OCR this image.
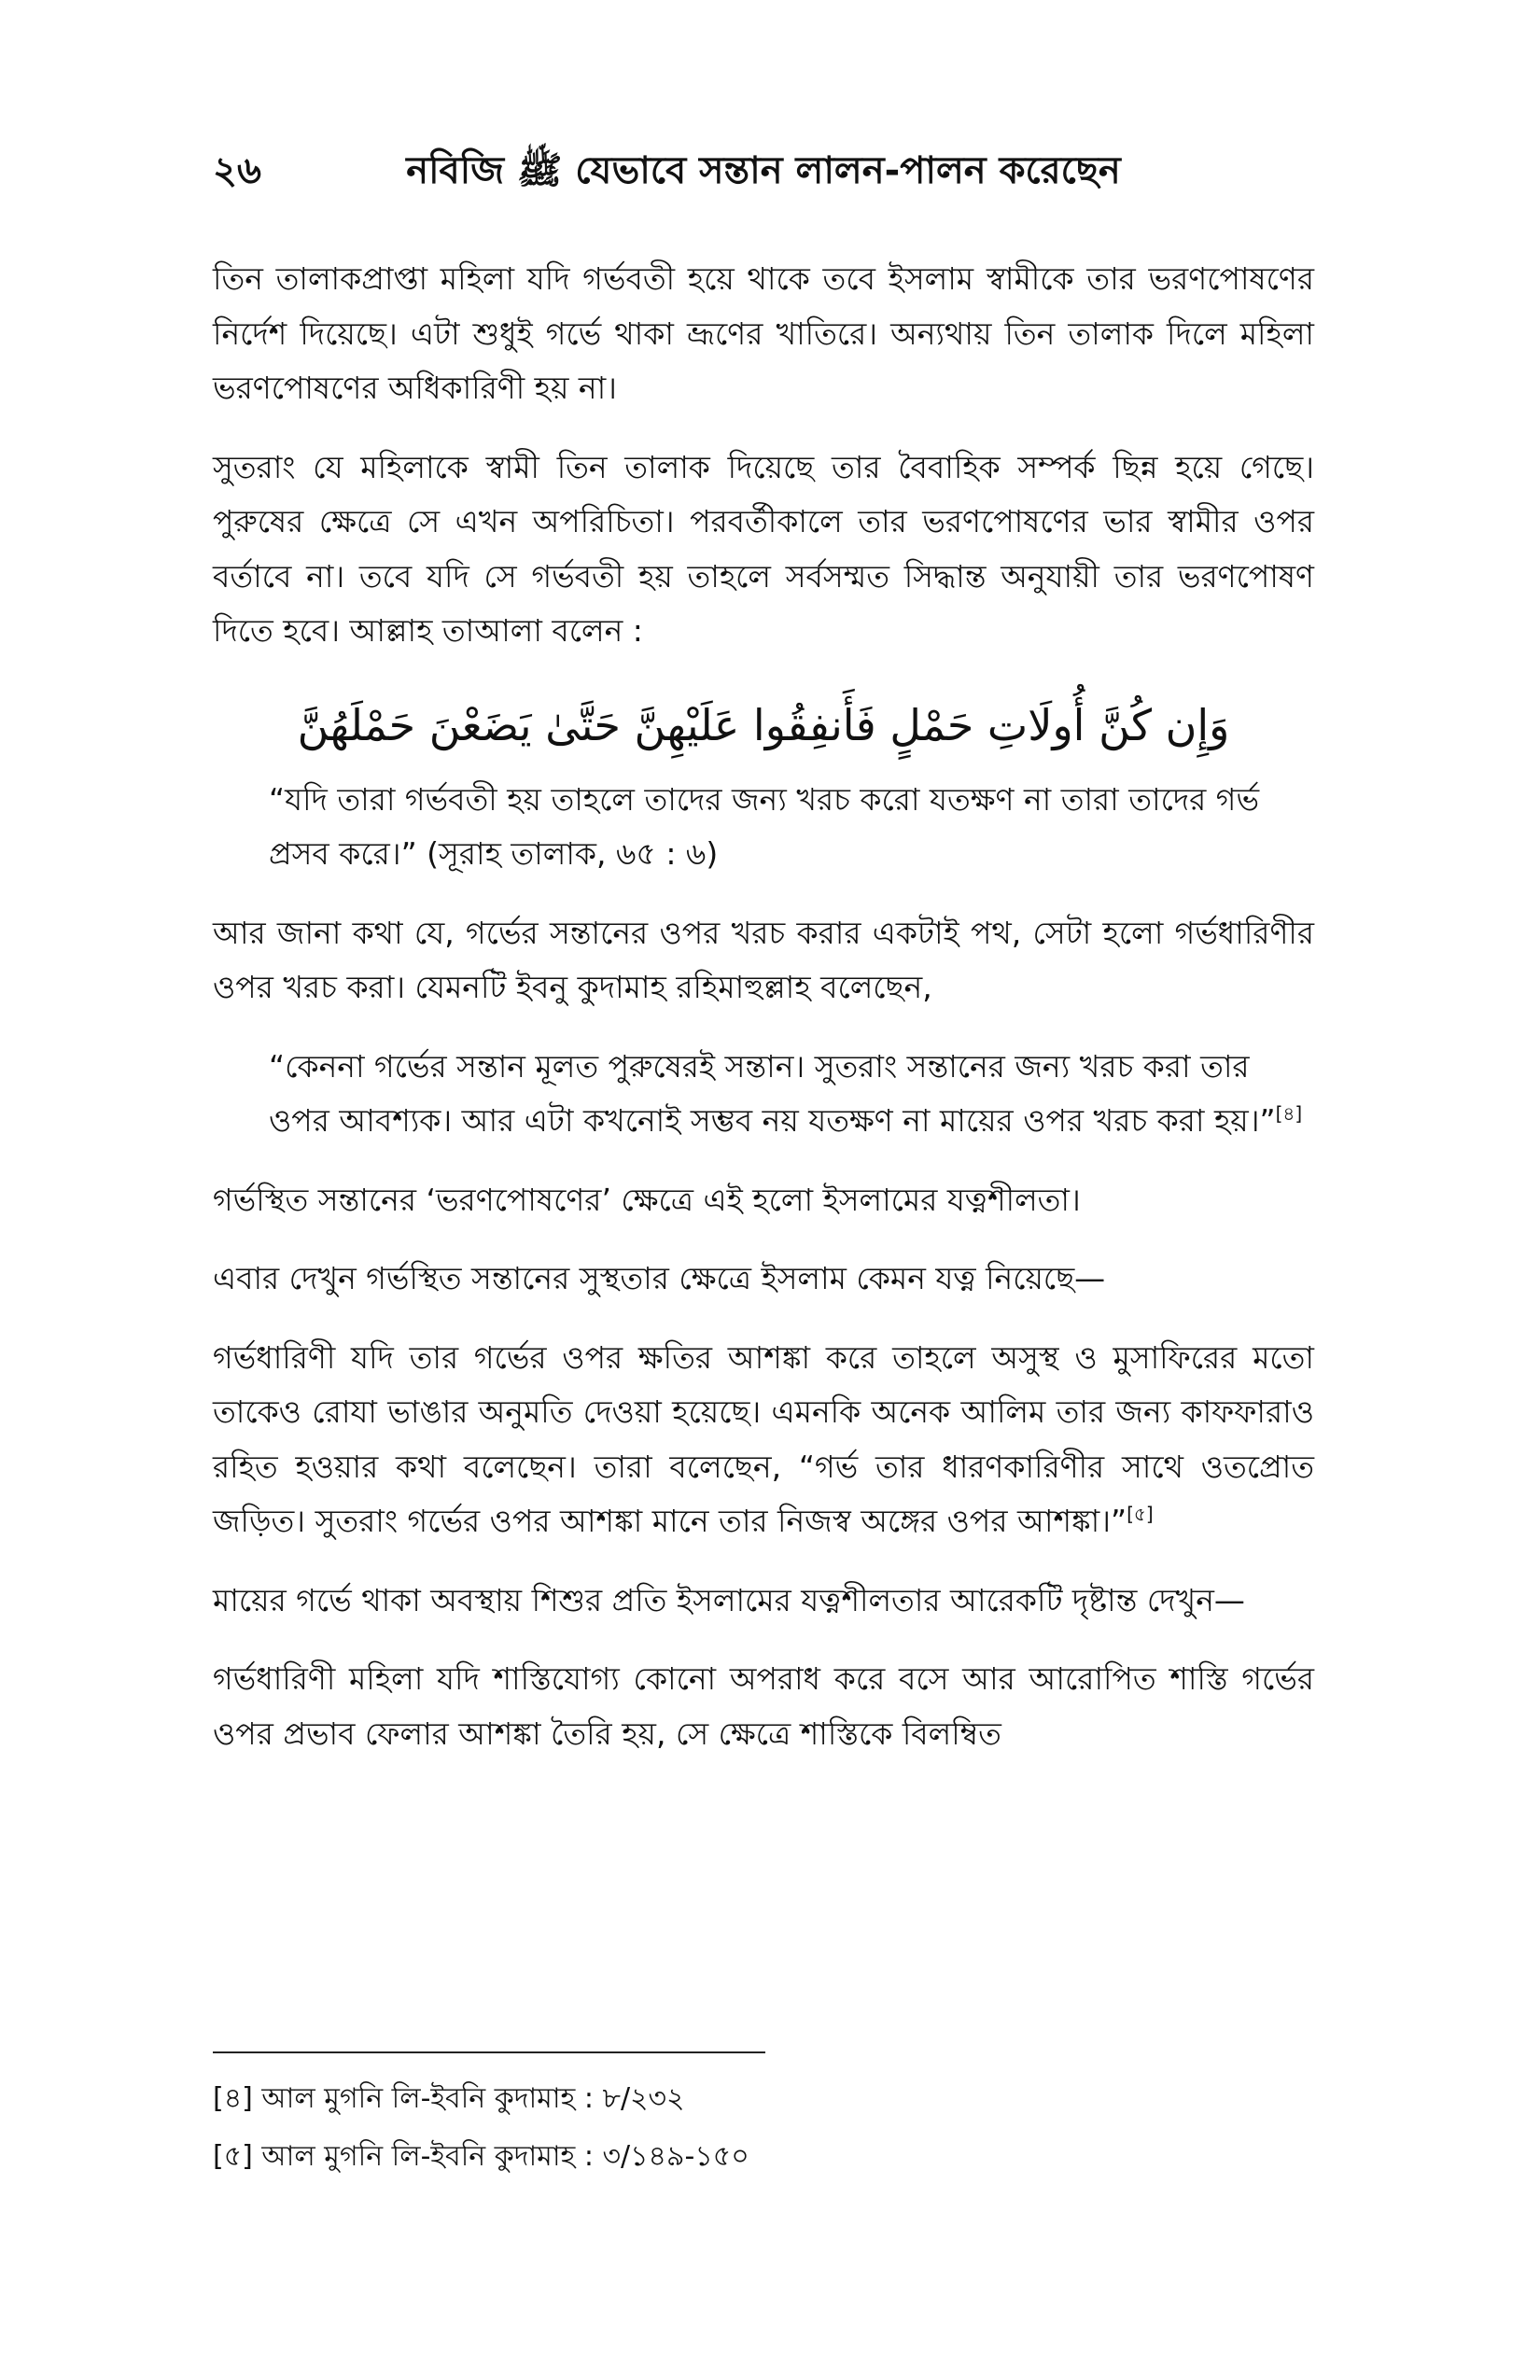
২৬	নবিজি ﷺ যেভাবে সন্তান লালন-পালন করেছেন

তিন তালাকপ্রাপ্তা মহিলা যদি গর্ভবতী হয়ে থাকে তবে ইসলাম স্বামীকে তার ভরণপোষণের নির্দেশ দিয়েছে। এটা শুধুই গর্ভে থাকা ভ্রূণের খাতিরে। অন্যথায় তিন তালাক দিলে মহিলা ভরণপোষণের অধিকারিণী হয় না।

সুতরাং যে মহিলাকে স্বামী তিন তালাক দিয়েছে তার বৈবাহিক সম্পর্ক ছিন্ন হয়ে গেছে। পুরুষের ক্ষেত্রে সে এখন অপরিচিতা। পরবর্তীকালে তার ভরণপোষণের ভার স্বামীর ওপর বর্তাবে না। তবে যদি সে গর্ভবতী হয় তাহলে সর্বসম্মত সিদ্ধান্ত অনুযায়ী তার ভরণপোষণ দিতে হবে। আল্লাহ তাআলা বলেন :

وَإِن كُنَّ أُولَاتِ حَمْلٍ فَأَنفِقُوا عَلَيْهِنَّ حَتَّىٰ يَضَعْنَ حَمْلَهُنَّ

“যদি তারা গর্ভবতী হয় তাহলে তাদের জন্য খরচ করো যতক্ষণ না তারা তাদের গর্ভ প্রসব করে।” (সূরাহ তালাক, ৬৫ : ৬)

আর জানা কথা যে, গর্ভের সন্তানের ওপর খরচ করার একটাই পথ, সেটা হলো গর্ভধারিণীর ওপর খরচ করা। যেমনটি ইবনু কুদামাহ রহিমাহুল্লাহ বলেছেন,

“কেননা গর্ভের সন্তান মূলত পুরুষেরই সন্তান। সুতরাং সন্তানের জন্য খরচ করা তার ওপর আবশ্যক। আর এটা কখনোই সম্ভব নয় যতক্ষণ না মায়ের ওপর খরচ করা হয়।”[৪]

গর্ভস্থিত সন্তানের ‘ভরণপোষণের’ ক্ষেত্রে এই হলো ইসলামের যত্নশীলতা।

এবার দেখুন গর্ভস্থিত সন্তানের সুস্থতার ক্ষেত্রে ইসলাম কেমন যত্ন নিয়েছে—

গর্ভধারিণী যদি তার গর্ভের ওপর ক্ষতির আশঙ্কা করে তাহলে অসুস্থ ও মুসাফিরের মতো তাকেও রোযা ভাঙার অনুমতি দেওয়া হয়েছে। এমনকি অনেক আলিম তার জন্য কাফফারাও রহিত হওয়ার কথা বলেছেন। তারা বলেছেন, “গর্ভ তার ধারণকারিণীর সাথে ওতপ্রোত জড়িত। সুতরাং গর্ভের ওপর আশঙ্কা মানে তার নিজস্ব অঙ্গের ওপর আশঙ্কা।”[৫]

মায়ের গর্ভে থাকা অবস্থায় শিশুর প্রতি ইসলামের যত্নশীলতার আরেকটি দৃষ্টান্ত দেখুন—

গর্ভধারিণী মহিলা যদি শাস্তিযোগ্য কোনো অপরাধ করে বসে আর আরোপিত শাস্তি গর্ভের ওপর প্রভাব ফেলার আশঙ্কা তৈরি হয়, সে ক্ষেত্রে শাস্তিকে বিলম্বিত

[৪] আল মুগনি লি-ইবনি কুদামাহ : ৮/২৩২

[৫] আল মুগনি লি-ইবনি কুদামাহ : ৩/১৪৯-১৫০
